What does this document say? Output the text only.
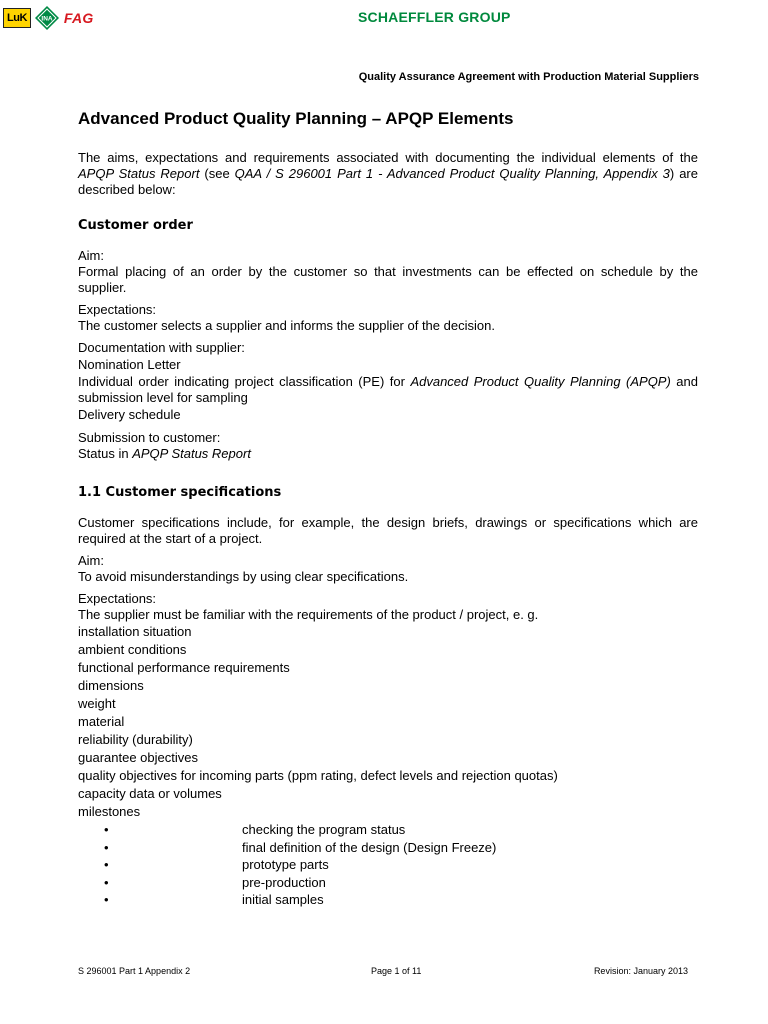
LuK	INA FAG	SCHAEFFLER GROUP
Quality Assurance Agreement with Production Material Suppliers
Advanced Product Quality Planning – APQP Elements

The aims, expectations and requirements associated with documenting the individual elements of the APQP Status Report (see QAA / S 296001 Part 1 - Advanced Product Quality Planning, Appendix 3) are described below:

Customer order

Aim:

Formal placing of an order by the customer so that investments can be effected on schedule by the supplier.

Expectations:

The customer selects a supplier and informs the supplier of the decision.

Documentation with supplier:

Nomination Letter

Individual order indicating project classification (PE) for Advanced Product Quality Planning (APQP) and submission level for sampling

Delivery schedule

Submission to customer:

Status in APQP Status Report

1.1 Customer specifications

Customer specifications include, for example, the design briefs, drawings or specifications which are required at the start of a project.

Aim:

To avoid misunderstandings by using clear specifications.

Expectations:

The supplier must be familiar with the requirements of the product / project, e. g.

installation situation
ambient conditions
functional performance requirements
dimensions
weight
material
reliability (durability)
guarantee objectives
quality objectives for incoming parts (ppm rating, defect levels and rejection quotas)
capacity data or volumes
milestones
•	checking the program status
•	final definition of the design (Design Freeze)
•	prototype parts
•	pre-production
•	initial samples
S 296001 Part 1 Appendix 2	Page 1 of 11	Revision: January 2013
